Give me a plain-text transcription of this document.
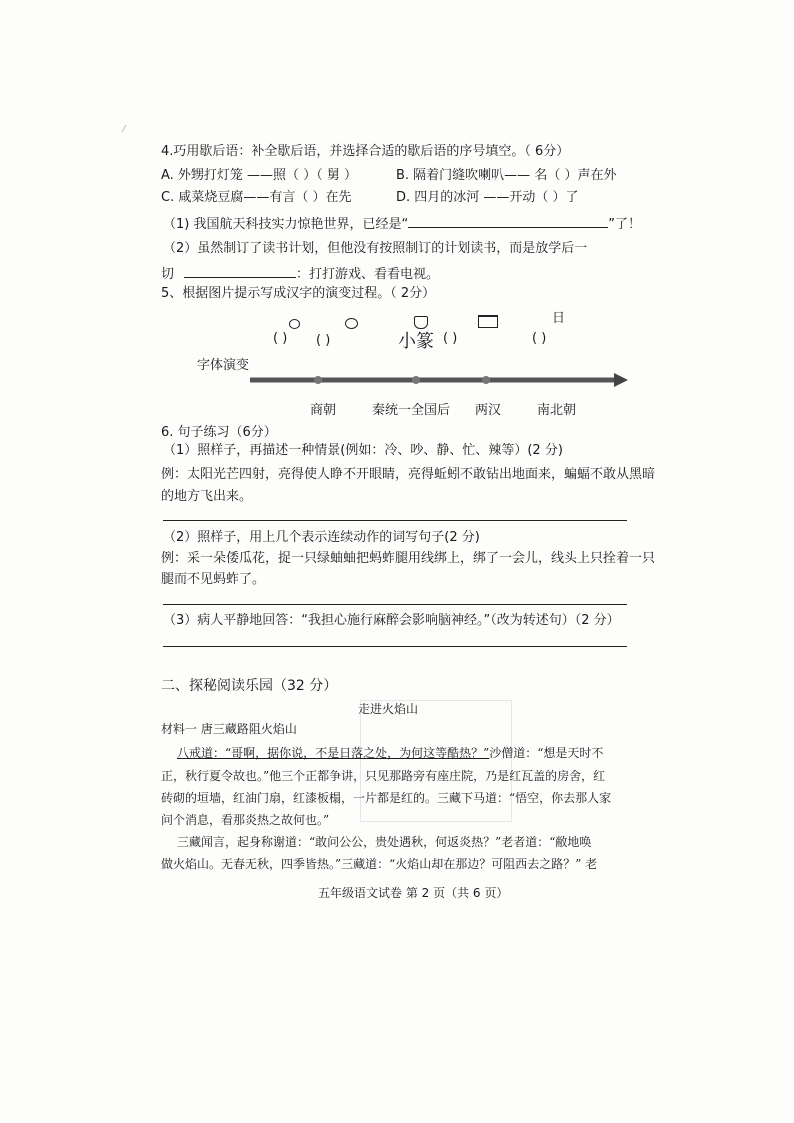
4.巧用歇后语：补全歇后语，并选择合适的歇后语的序号填空。（ 6分）
A. 外甥打灯笼 ——照（ ）（ 舅 ）	B. 隔着门缝吹喇叭—— 名（ ）声在外
C. 咸菜烧豆腐——有言（ ）在先	D. 四月的冰河 ——开动（ ）了
（1) 我国航天科技实力惊艳世界，已经是“	”了！
（2）虽然制订了读书计划，但他没有按照制订的计划读书，而是放学后一
切	：打打游戏、看看电视。
5、根据图片提示写成汉字的演变过程。（ 2分）
日
( ) ( )	小篆 ( )	( )
字体演变
商朝	秦统一全国后 两汉	南北朝
6. 句子练习（6分）
（1）照样子，再描述一种情景(例如：冷、吵、静、忙、辣等）(2 分)
例：太阳光芒四射，亮得使人睁不开眼睛，亮得蚯蚓不敢钻出地面来，蝙蝠不敢从黑暗
的地方飞出来。
（2）照样子，用上几个表示连续动作的词写句子(2 分)
例：采一朵倭瓜花，捉一只绿蚰蚰把蚂蚱腿用线绑上，绑了一会儿，线头上只拴着一只
腿而不见蚂蚱了。
（3）病人平静地回答：“我担心施行麻醉会影响脑神经。”（改为转述句）（2 分）
二、探秘阅读乐园（32 分）
走进火焰山
材料一 唐三藏路阻火焰山
八戒道：“哥啊，据你说，不是日落之处，为何这等酷热？”沙僧道：“想是天时不
正，秋行夏令故也。”他三个正都争讲，只见那路旁有座庄院，乃是红瓦盖的房舍，红
砖砌的垣墙，红油门扇，红漆板榻，一片都是红的。三藏下马道：“悟空，你去那人家
问个消息，看那炎热之故何也。”
三藏闻言，起身称谢道：“敢问公公，贵处遇秋，何返炎热？”老者道：“敝地唤
做火焰山。无春无秋，四季皆热。”三藏道：“火焰山却在那边？可阻西去之路？” 老
五年级语文试卷 第 2 页（共 6 页）
